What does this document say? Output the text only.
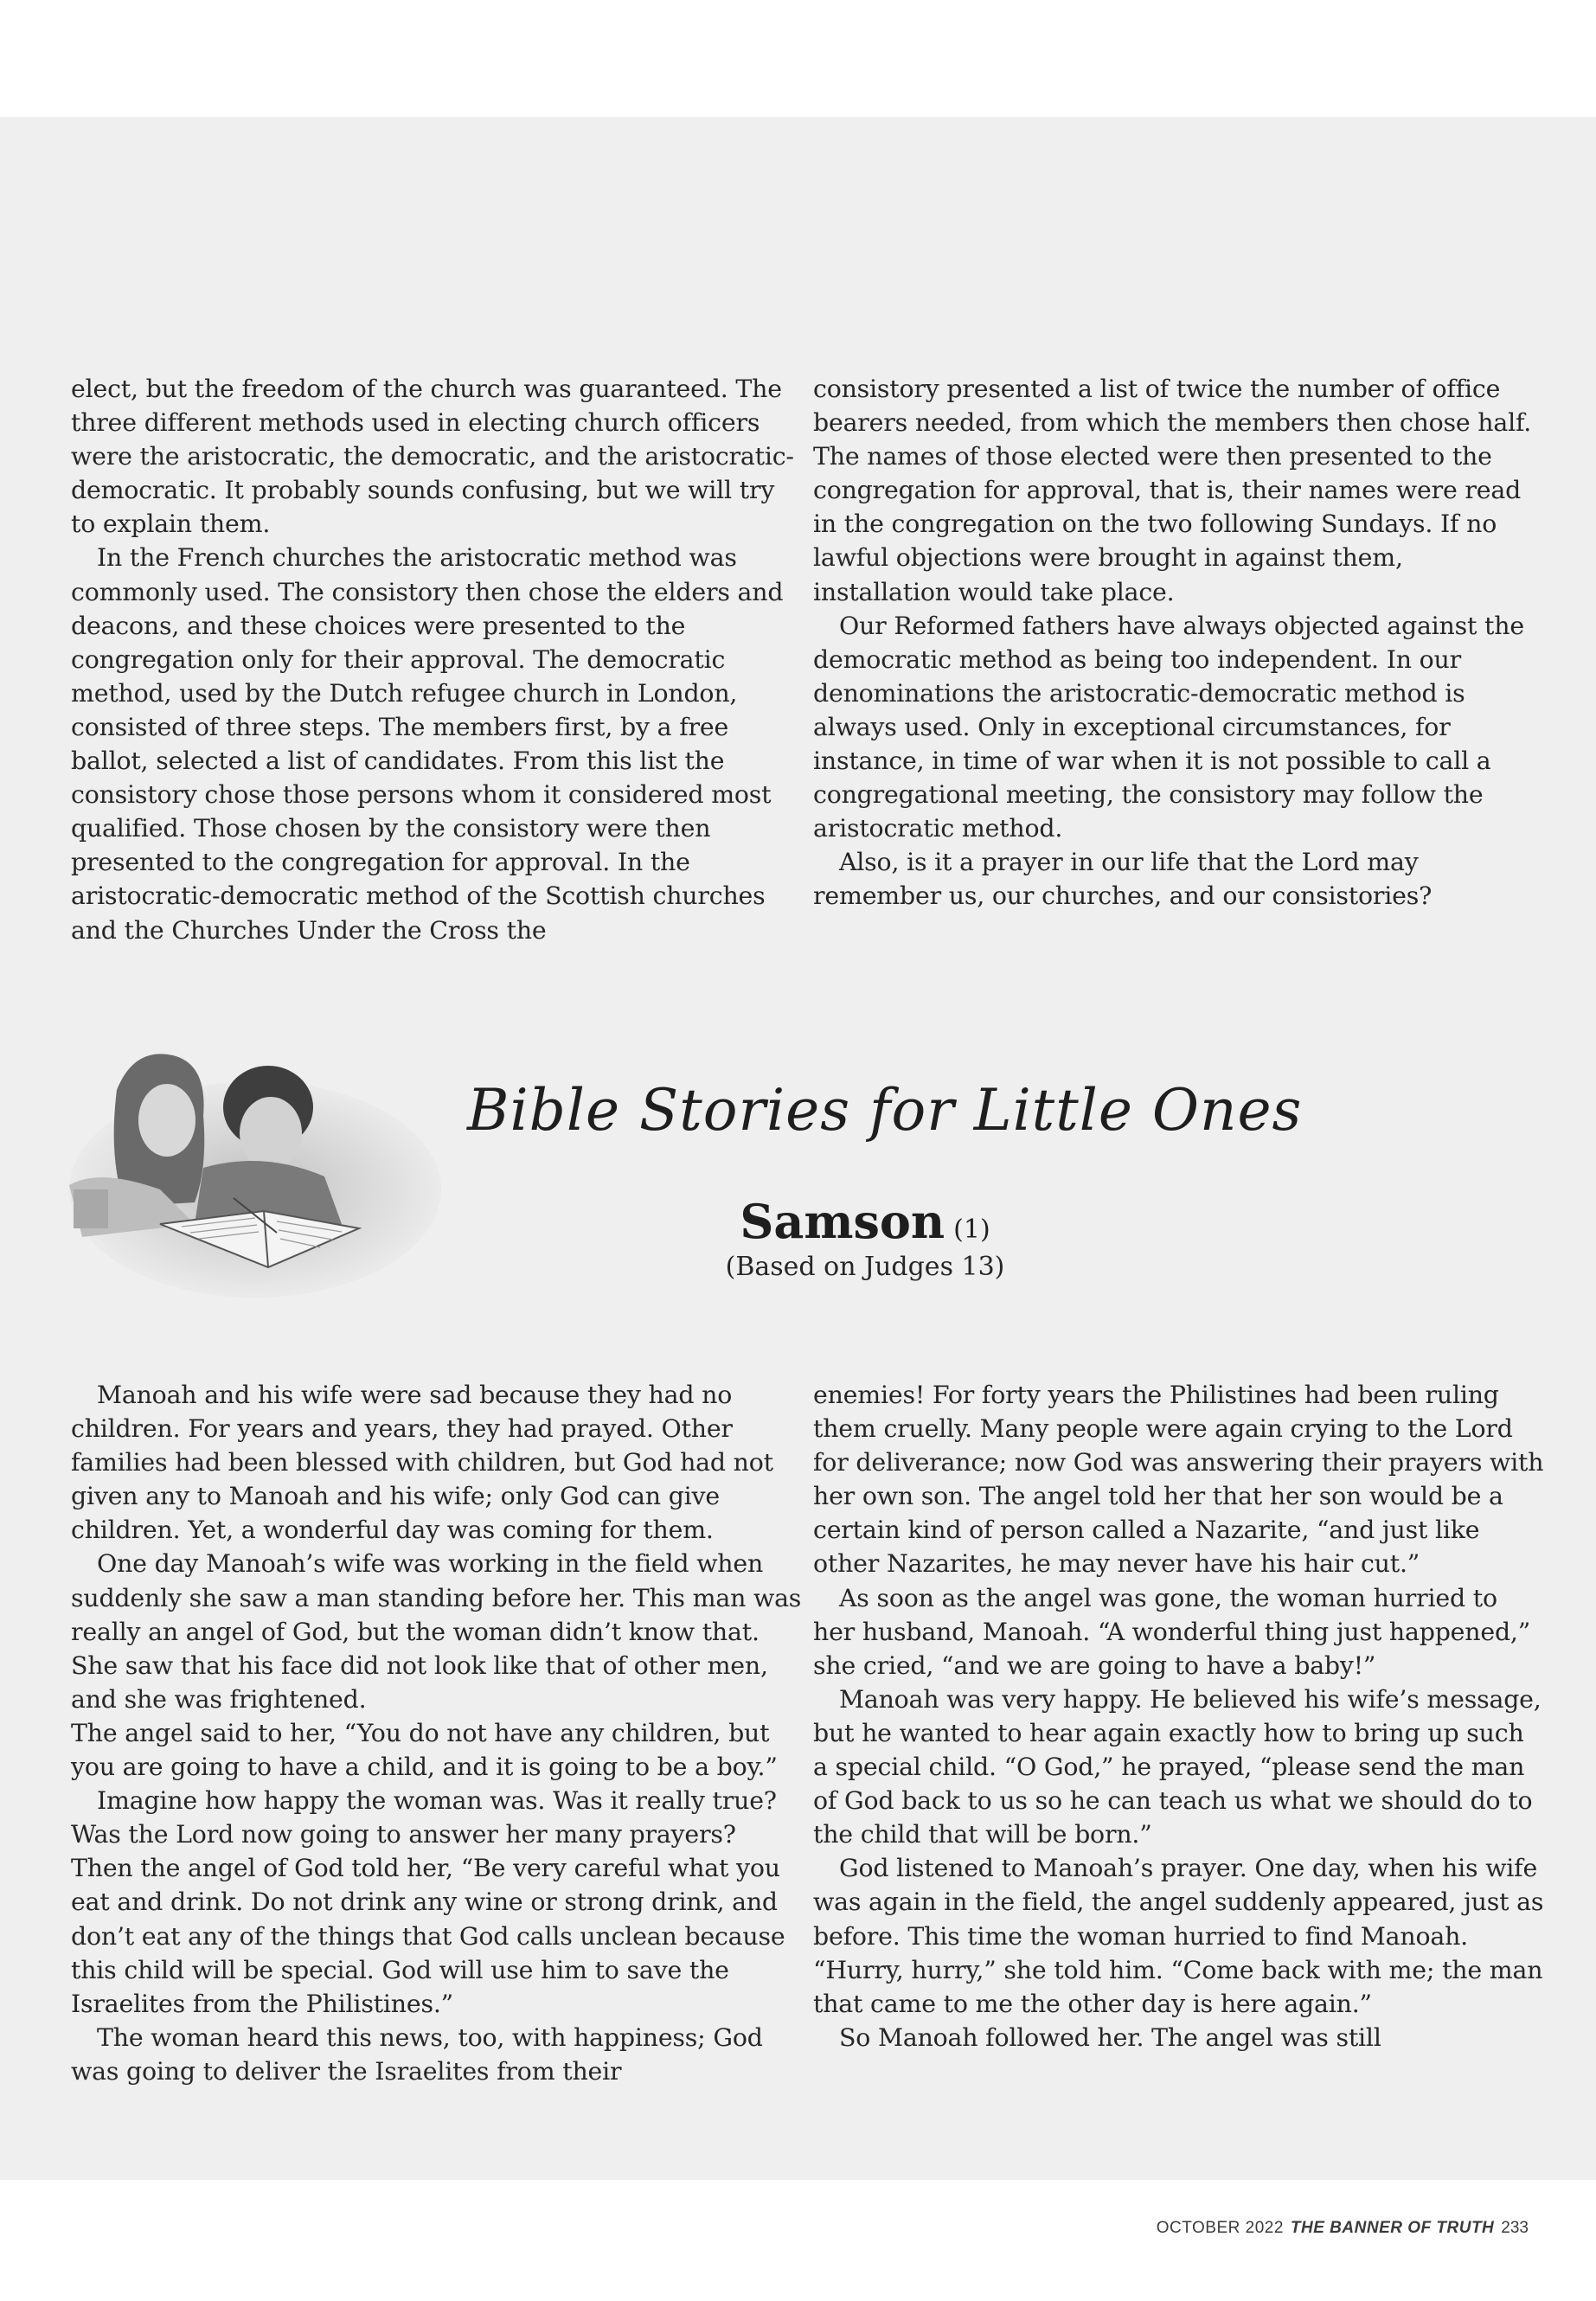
elect, but the freedom of the church was guaranteed. The three different methods used in electing church officers were the aristocratic, the democratic, and the aristocratic-democratic. It probably sounds confusing, but we will try to explain them.

In the French churches the aristocratic method was commonly used. The consistory then chose the elders and deacons, and these choices were presented to the congregation only for their approval. The democratic method, used by the Dutch refugee church in London, consisted of three steps. The members first, by a free ballot, selected a list of candidates. From this list the consistory chose those persons whom it considered most qualified. Those chosen by the consistory were then presented to the congregation for approval. In the aristocratic-democratic method of the Scottish churches and the Churches Under the Cross the

consistory presented a list of twice the number of office bearers needed, from which the members then chose half. The names of those elected were then presented to the congregation for approval, that is, their names were read in the congregation on the two following Sundays. If no lawful objections were brought in against them, installation would take place.

Our Reformed fathers have always objected against the democratic method as being too independent. In our denominations the aristocratic-democratic method is always used. Only in exceptional circumstances, for instance, in time of war when it is not possible to call a congregational meeting, the consistory may follow the aristocratic method.

Also, is it a prayer in our life that the Lord may remember us, our churches, and our consistories?

Bible Stories for Little Ones
Samson (1)
(Based on Judges 13)

Manoah and his wife were sad because they had no children. For years and years, they had prayed. Other families had been blessed with children, but God had not given any to Manoah and his wife; only God can give children. Yet, a wonderful day was coming for them.

One day Manoah’s wife was working in the field when suddenly she saw a man standing before her. This man was really an angel of God, but the woman didn’t know that. She saw that his face did not look like that of other men, and she was frightened.

The angel said to her, “You do not have any children, but you are going to have a child, and it is going to be a boy.”

Imagine how happy the woman was. Was it really true? Was the Lord now going to answer her many prayers? Then the angel of God told her, “Be very careful what you eat and drink. Do not drink any wine or strong drink, and don’t eat any of the things that God calls unclean because this child will be special. God will use him to save the Israelites from the Philistines.”

The woman heard this news, too, with happiness; God was going to deliver the Israelites from their

enemies! For forty years the Philistines had been ruling them cruelly. Many people were again crying to the Lord for deliverance; now God was answering their prayers with her own son. The angel told her that her son would be a certain kind of person called a Nazarite, “and just like other Nazarites, he may never have his hair cut.”

As soon as the angel was gone, the woman hurried to her husband, Manoah. “A wonderful thing just happened,” she cried, “and we are going to have a baby!”

Manoah was very happy. He believed his wife’s message, but he wanted to hear again exactly how to bring up such a special child. “O God,” he prayed, “please send the man of God back to us so he can teach us what we should do to the child that will be born.”

God listened to Manoah’s prayer. One day, when his wife was again in the field, the angel suddenly appeared, just as before. This time the woman hurried to find Manoah. “Hurry, hurry,” she told him. “Come back with me; the man that came to me the other day is here again.”

So Manoah followed her. The angel was still

OCTOBER 2022 THE BANNER OF TRUTH 233
